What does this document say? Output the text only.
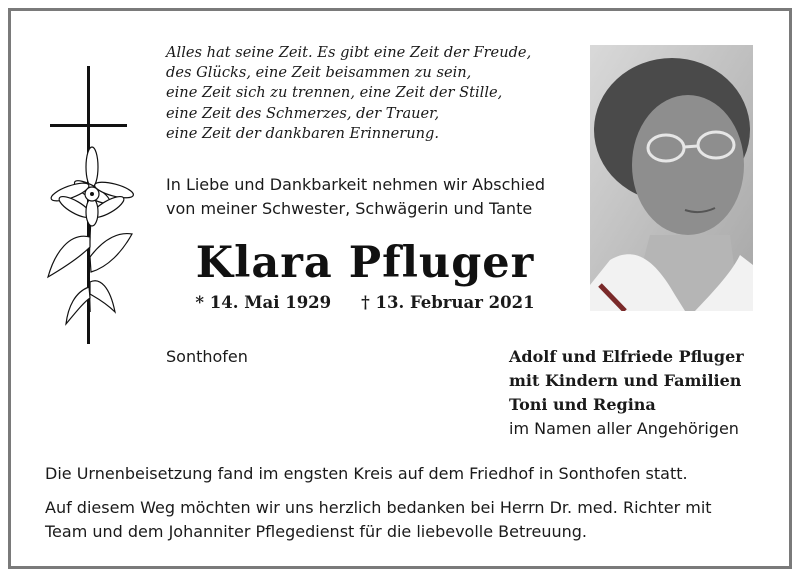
Alles hat seine Zeit. Es gibt eine Zeit der Freude,
des Glücks, eine Zeit beisammen zu sein,
eine Zeit sich zu trennen, eine Zeit der Stille,
eine Zeit des Schmerzes, der Trauer,
eine Zeit der dankbaren Erinnerung.
In Liebe und Dankbarkeit nehmen wir Abschied
von meiner Schwester, Schwägerin und Tante
Klara Pfluger
* 14. Mai 1929 † 13. Februar 2021
Sonthofen	Adolf und Elfriede Pfluger
mit Kindern und Familien
Toni und Regina
im Namen aller Angehörigen
Die Urnenbeisetzung fand im engsten Kreis auf dem Friedhof in Sonthofen statt.
Auf diesem Weg möchten wir uns herzlich bedanken bei Herrn Dr. med. Richter mit
Team und dem Johanniter Pflegedienst für die liebevolle Betreuung.
